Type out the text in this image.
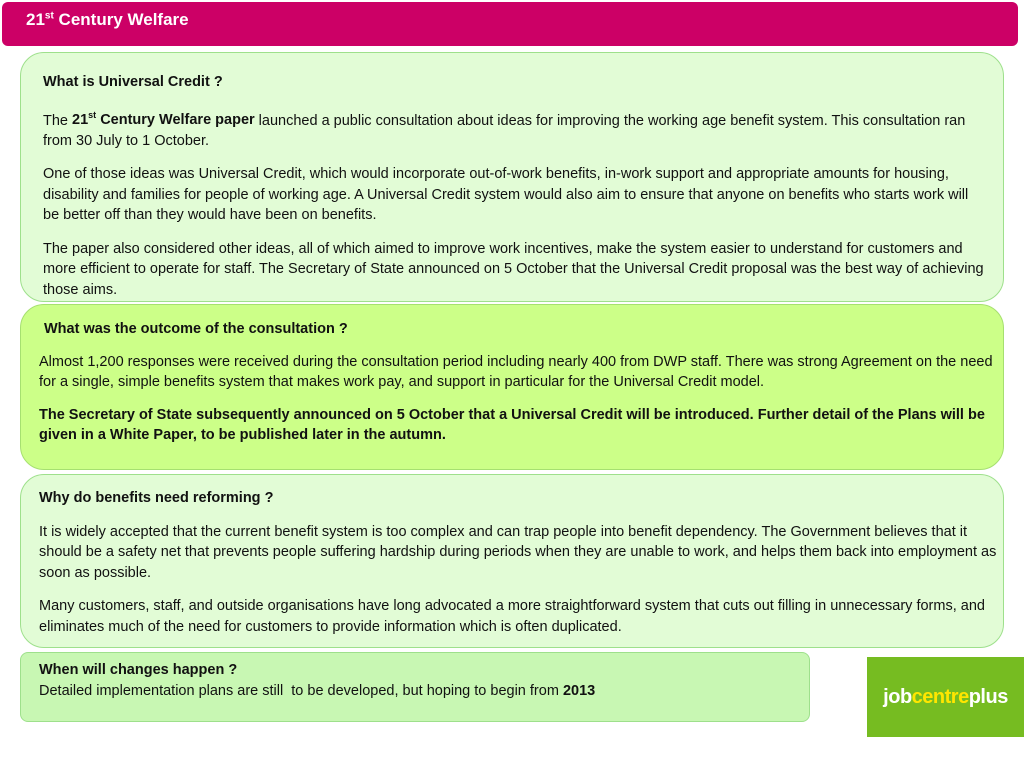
21st Century Welfare

What is Universal Credit ?

The 21st Century Welfare paper launched a public consultation about ideas for improving the working age benefit system. This consultation ran from 30 July to 1 October.

One of those ideas was Universal Credit, which would incorporate out-of-work benefits, in-work support and appropriate amounts for housing, disability and families for people of working age. A Universal Credit system would also aim to ensure that anyone on benefits who starts work will be better off than they would have been on benefits.

The paper also considered other ideas, all of which aimed to improve work incentives, make the system easier to understand for customers and more efficient to operate for staff. The Secretary of State announced on 5 October that the Universal Credit proposal was the best way of achieving those aims.

What was the outcome of the consultation ?

Almost 1,200 responses were received during the consultation period including nearly 400 from DWP staff. There was strong Agreement on the need for a single, simple benefits system that makes work pay, and support in particular for the Universal Credit model.

The Secretary of State subsequently announced on 5 October that a Universal Credit will be introduced. Further detail of the Plans will be given in a White Paper, to be published later in the autumn.

Why do benefits need reforming ?

It is widely accepted that the current benefit system is too complex and can trap people into benefit dependency. The Government believes that it should be a safety net that prevents people suffering hardship during periods when they are unable to work, and helps them back into employment as soon as possible.

Many customers, staff, and outside organisations have long advocated a more straightforward system that cuts out filling in unnecessary forms, and eliminates much of the need for customers to provide information which is often duplicated.

When will changes happen ?

Detailed implementation plans are still  to be developed, but hoping to begin from 2013	jobcentreplus
